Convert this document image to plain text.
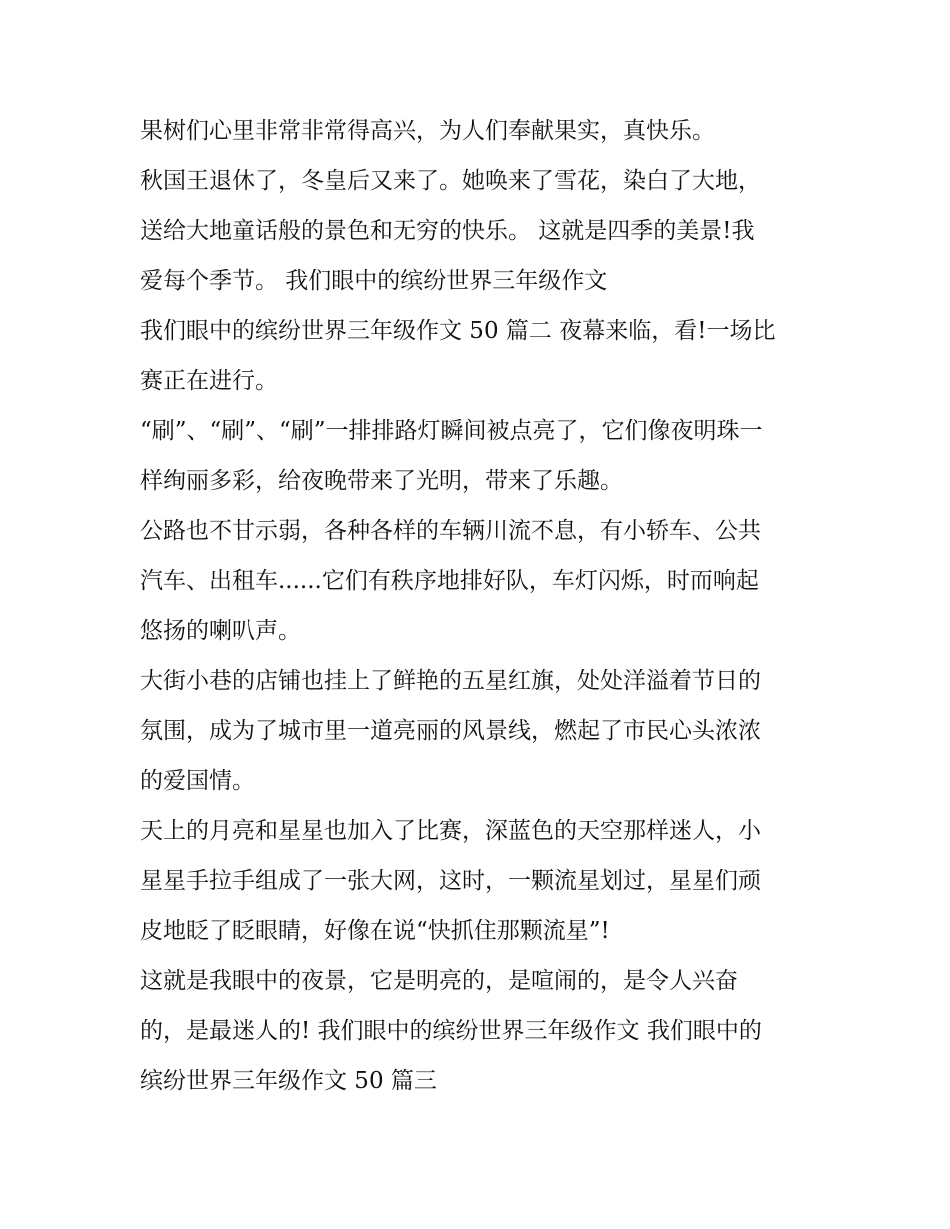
果树们心里非常非常得高兴，为人们奉献果实，真快乐。
秋国王退休了，冬皇后又来了。她唤来了雪花，染白了大地，
送给大地童话般的景色和无穷的快乐。 这就是四季的美景!我
爱每个季节。 我们眼中的缤纷世界三年级作文
我们眼中的缤纷世界三年级作文 50 篇二 夜幕来临，看!一场比
赛正在进行。
“刷”、“刷”、“刷”一排排路灯瞬间被点亮了，它们像夜明珠一
样绚丽多彩，给夜晚带来了光明，带来了乐趣。
公路也不甘示弱，各种各样的车辆川流不息，有小轿车、公共
汽车、出租车......它们有秩序地排好队，车灯闪烁，时而响起
悠扬的喇叭声。
大街小巷的店铺也挂上了鲜艳的五星红旗，处处洋溢着节日的
氛围，成为了城市里一道亮丽的风景线，燃起了市民心头浓浓
的爱国情。
天上的月亮和星星也加入了比赛，深蓝色的天空那样迷人，小
星星手拉手组成了一张大网，这时，一颗流星划过，星星们顽
皮地眨了眨眼睛，好像在说“快抓住那颗流星”!
这就是我眼中的夜景，它是明亮的，是喧闹的，是令人兴奋
的，是最迷人的! 我们眼中的缤纷世界三年级作文 我们眼中的
缤纷世界三年级作文 50 篇三
